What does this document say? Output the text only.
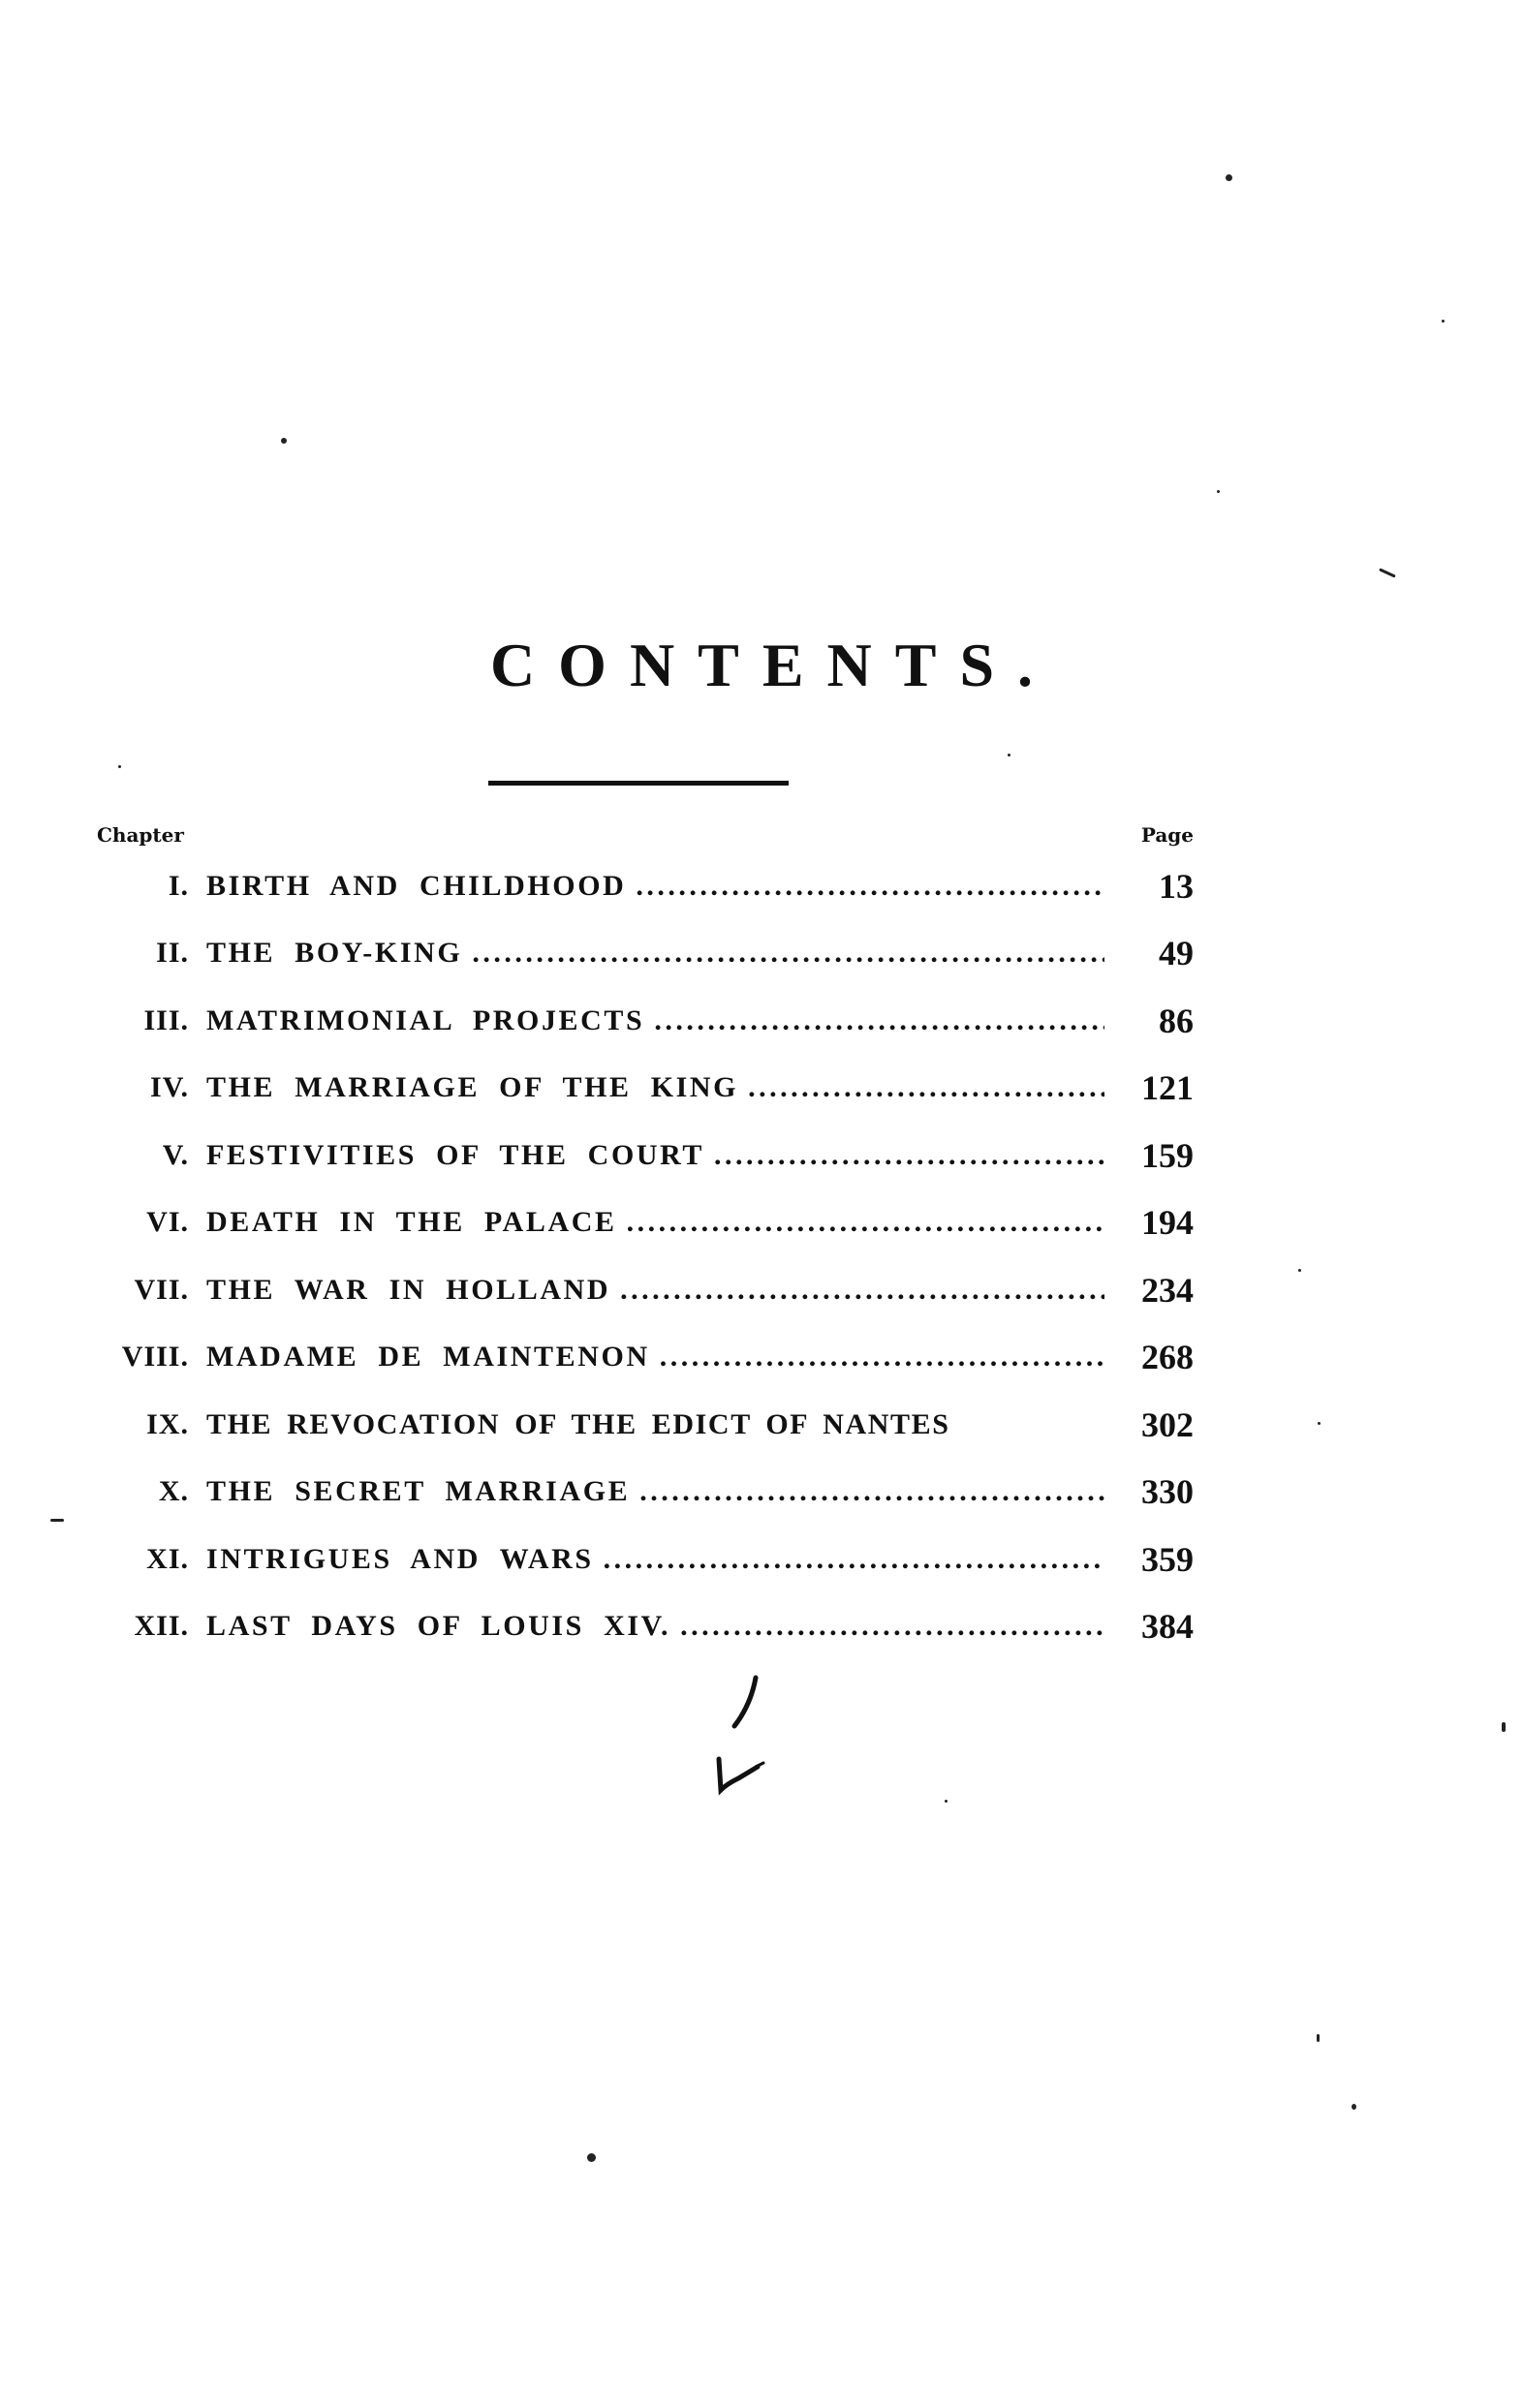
CONTENTS.
Chapter	Page
I. BIRTH AND CHILDHOOD . . .	13
II. THE BOY-KING . . .	49
III. MATRIMONIAL PROJECTS . . .	86
IV. THE MARRIAGE OF THE KING . . .	121
V. FESTIVITIES OF THE COURT . . .	159
VI. DEATH IN THE PALACE . . .	194
VII. THE WAR IN HOLLAND . . .	234
VIII. MADAME DE MAINTENON . . .	268
IX. THE REVOCATION OF THE EDICT OF NANTES	302
X. THE SECRET MARRIAGE . . .	330
XI. INTRIGUES AND WARS . . .	359
XII. LAST DAYS OF LOUIS XIV. . . .	384
